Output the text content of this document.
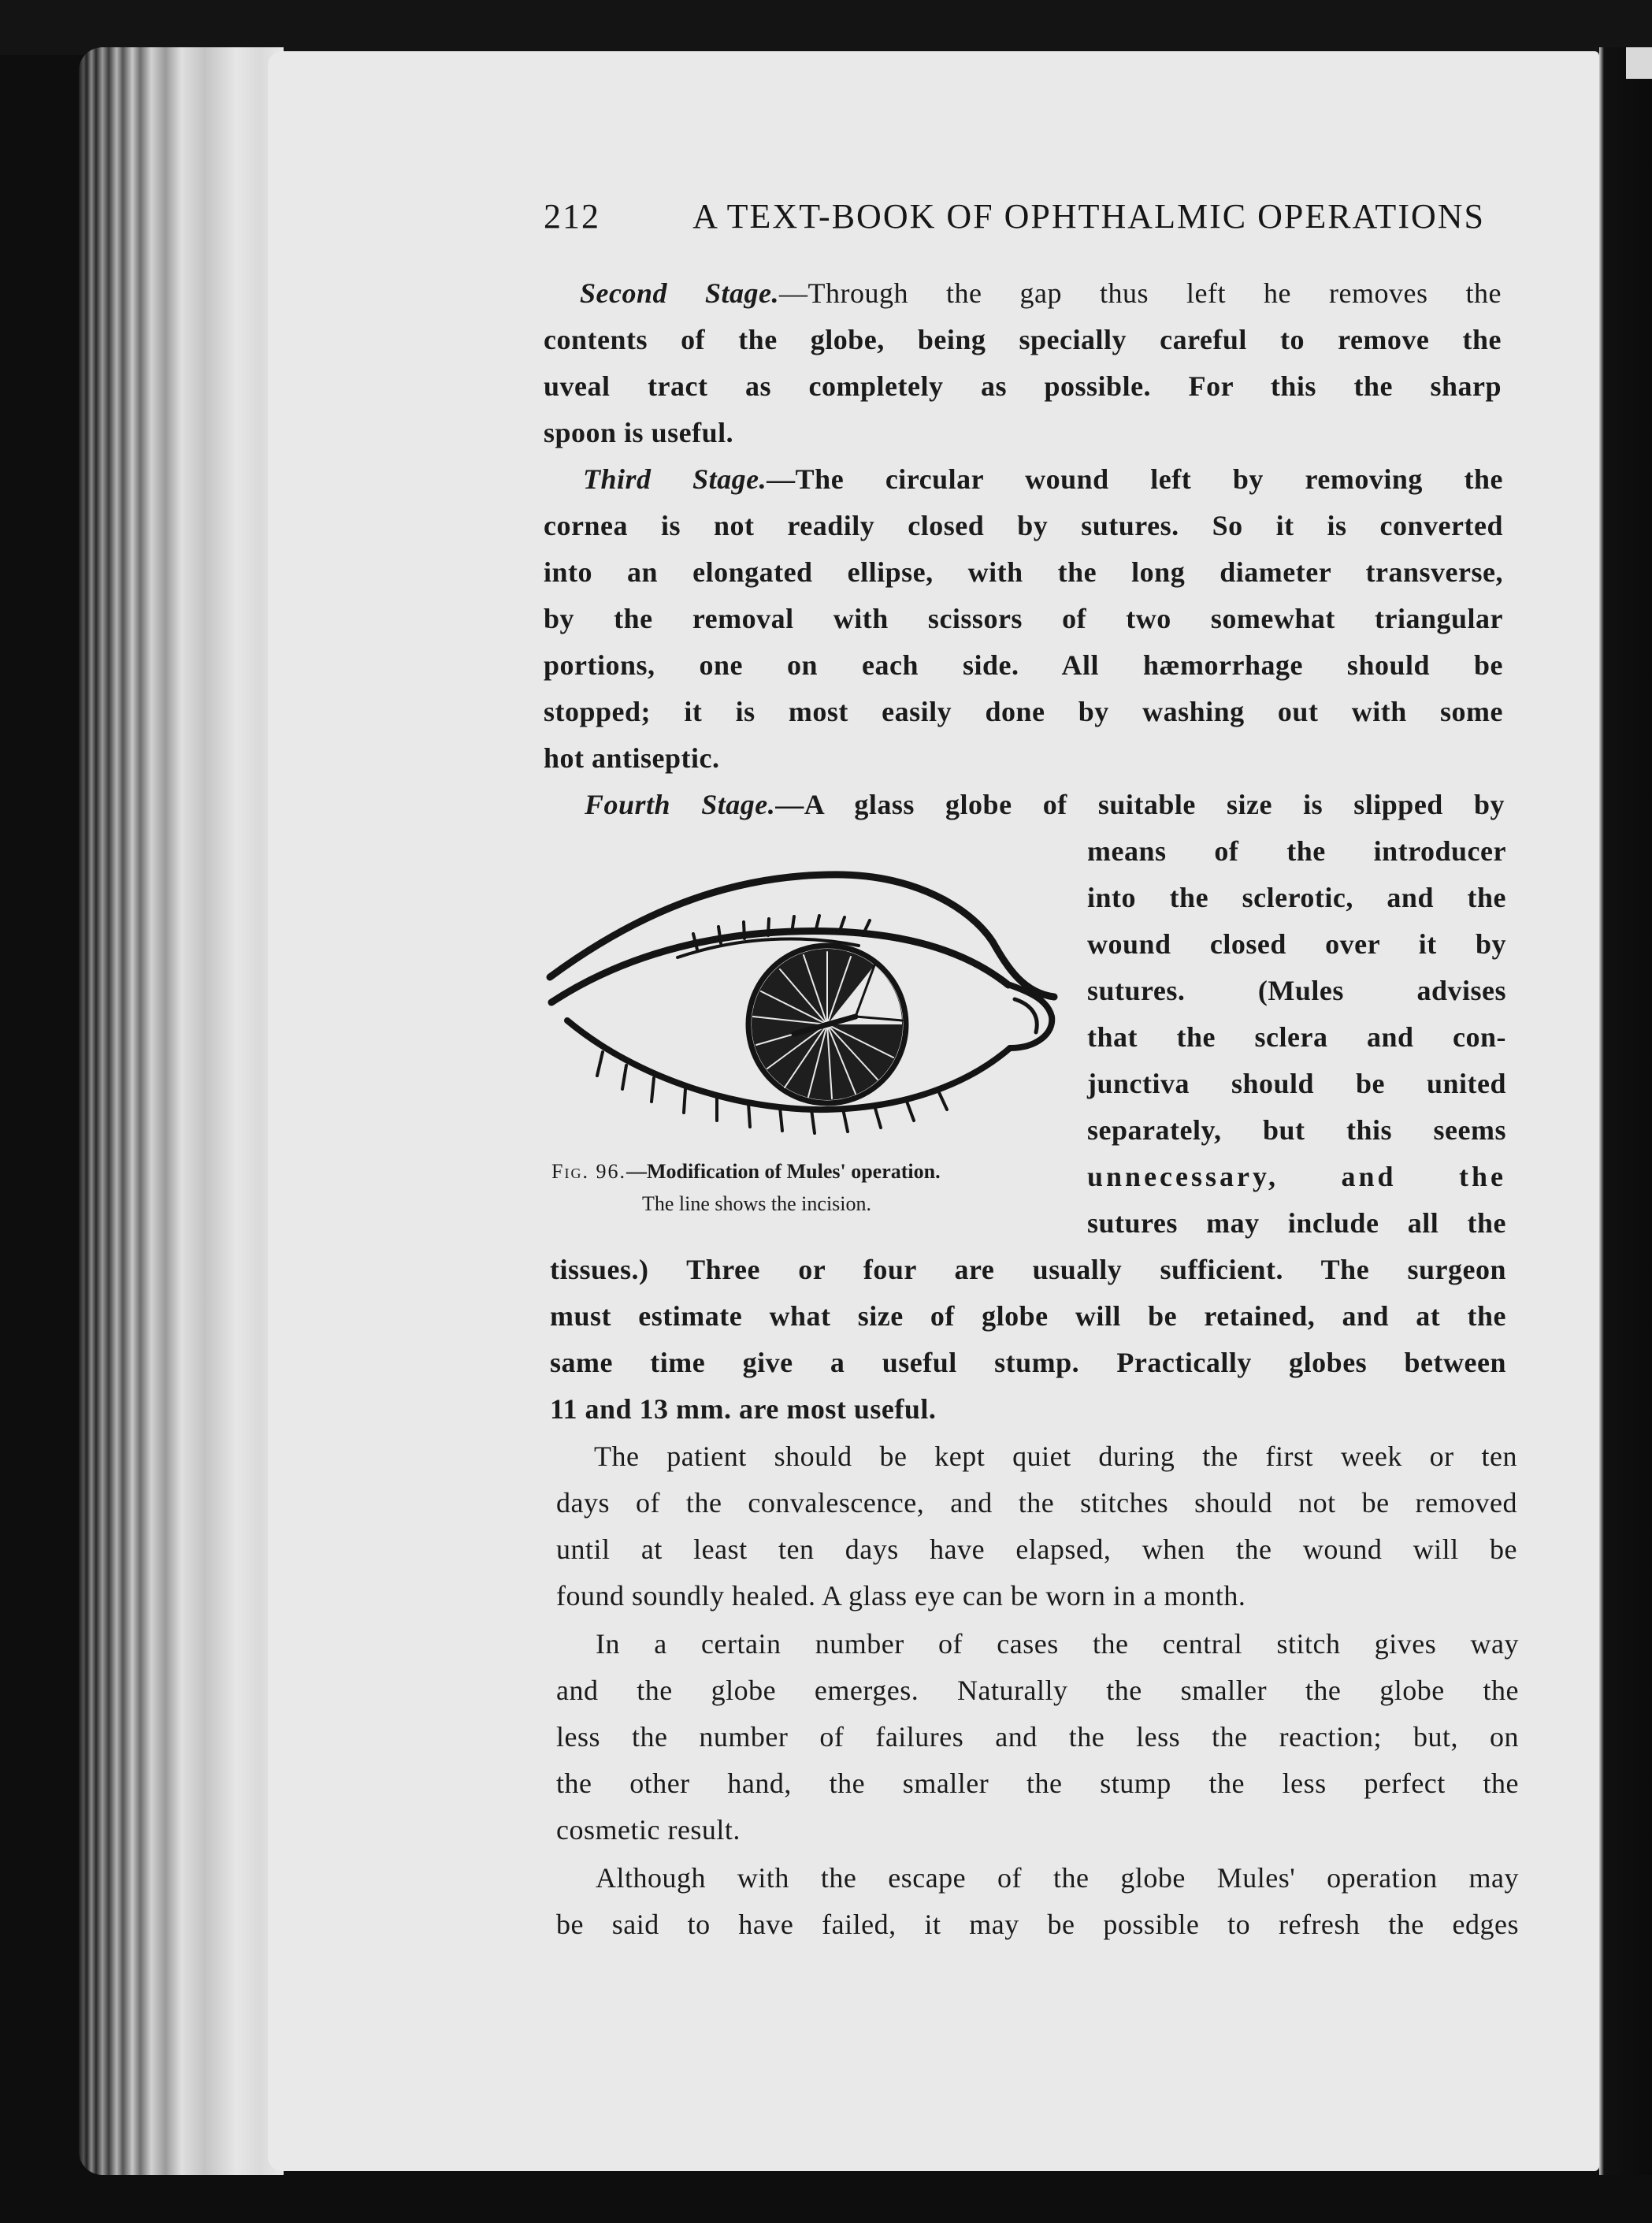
212	A TEXT-BOOK OF OPHTHALMIC OPERATIONS
Second Stage.—Through the gap thus left he removes the
contents of the globe, being specially careful to remove the
uveal tract as completely as possible. For this the sharp
spoon is useful.
Third Stage.—The circular wound left by removing the
cornea is not readily closed by sutures. So it is converted
into an elongated ellipse, with the long diameter transverse,
by the removal with scissors of two somewhat triangular
portions, one on each side. All hæmorrhage should be
stopped; it is most easily done by washing out with some
hot antiseptic.
Fourth Stage.—A glass globe of suitable size is slipped by
means of the introducer
into the sclerotic, and the
wound closed over it by
sutures. (Mules advises
that the sclera and con-
junctiva should be united
separately, but this seems
unnecessary, and the
sutures may include all the
tissues.) Three or four are usually sufficient. The surgeon
must estimate what size of globe will be retained, and at the
same time give a useful stump. Practically globes between
11 and 13 mm. are most useful.
The patient should be kept quiet during the first week or ten
days of the convalescence, and the stitches should not be removed
until at least ten days have elapsed, when the wound will be
found soundly healed. A glass eye can be worn in a month.
In a certain number of cases the central stitch gives way
and the globe emerges. Naturally the smaller the globe the
less the number of failures and the less the reaction; but, on
the other hand, the smaller the stump the less perfect the
cosmetic result.
Although with the escape of the globe Mules' operation may
be said to have failed, it may be possible to refresh the edges
Fig. 96.—Modification of Mules' operation.
The line shows the incision.
